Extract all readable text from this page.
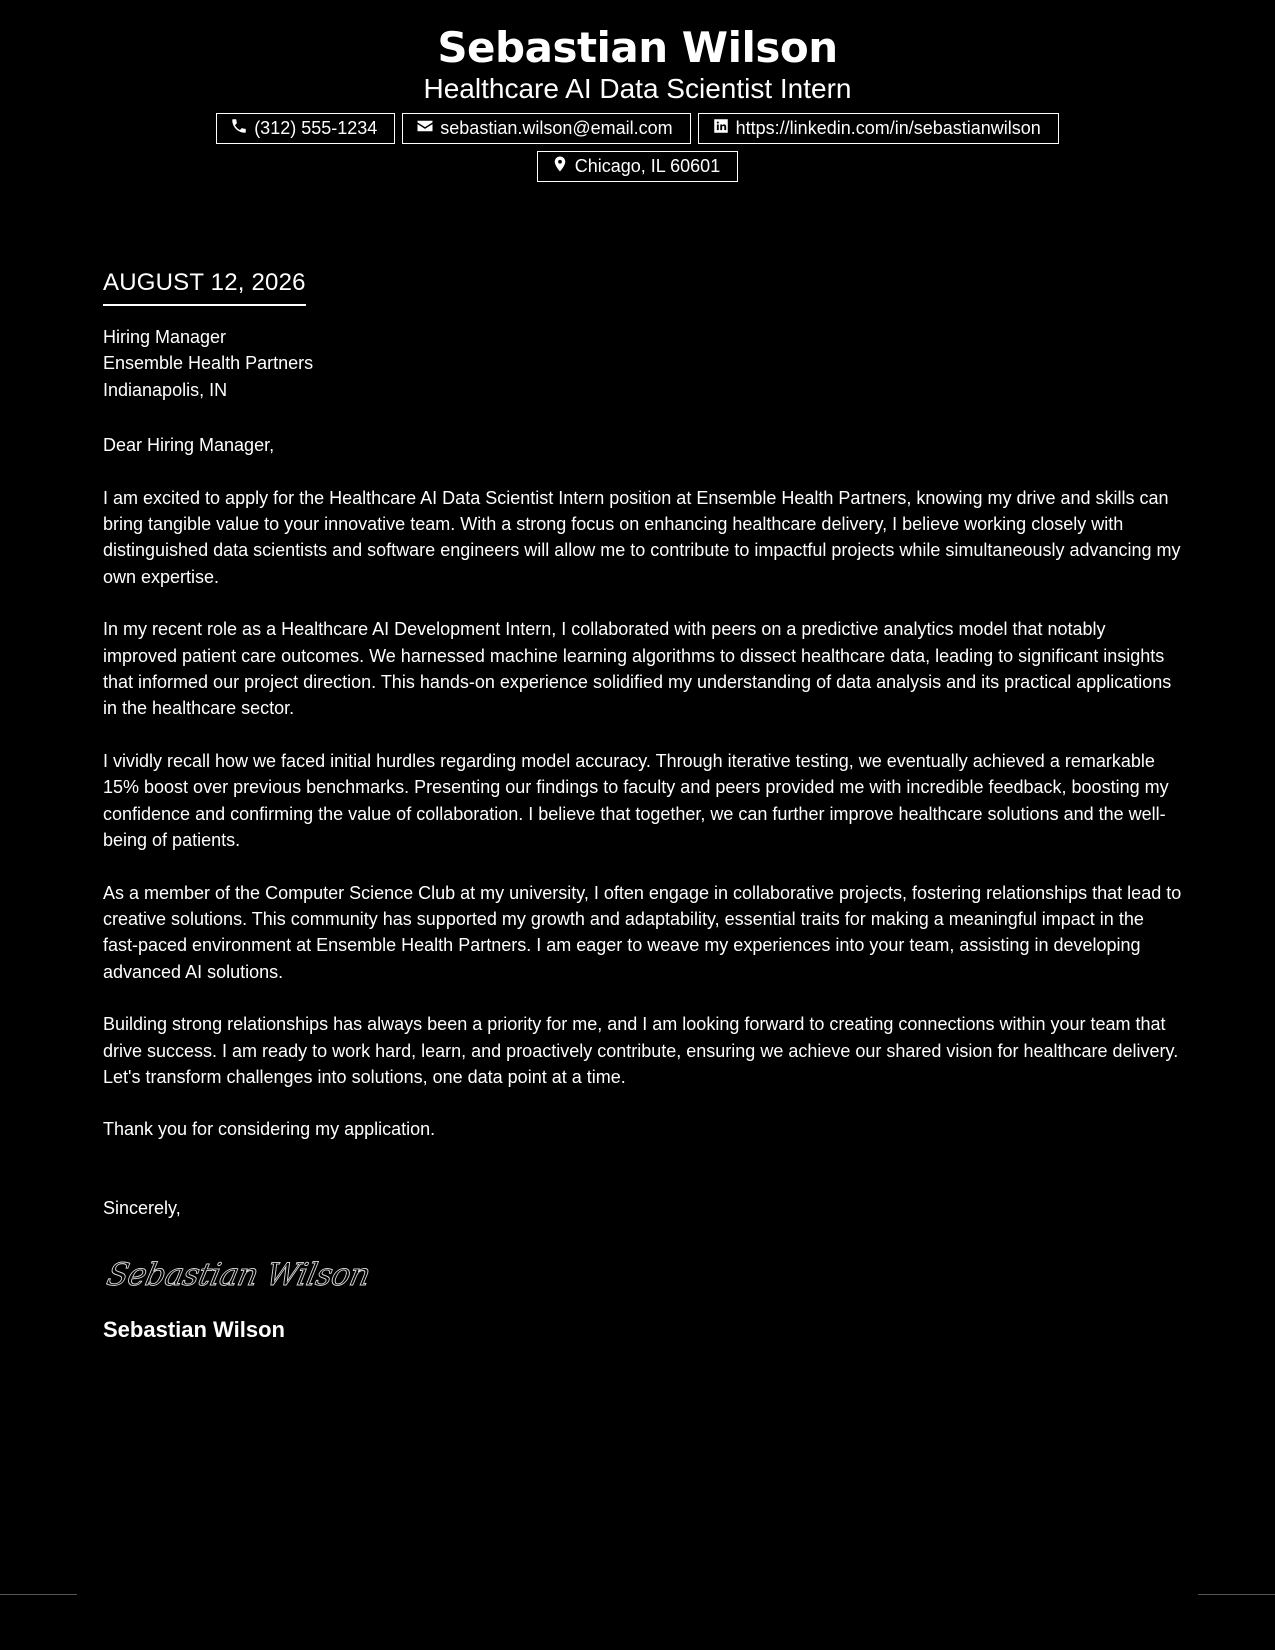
Sebastian Wilson
Healthcare AI Data Scientist Intern
(312) 555-1234	sebastian.wilson@email.com	https://linkedin.com/in/sebastianwilson
Chicago, IL 60601
AUGUST 12, 2026
Hiring Manager
Ensemble Health Partners
Indianapolis, IN
Dear Hiring Manager,

I am excited to apply for the Healthcare AI Data Scientist Intern position at Ensemble Health Partners, knowing my drive and skills can bring tangible value to your innovative team. With a strong focus on enhancing healthcare delivery, I believe working closely with distinguished data scientists and software engineers will allow me to contribute to impactful projects while simultaneously advancing my own expertise.

In my recent role as a Healthcare AI Development Intern, I collaborated with peers on a predictive analytics model that notably improved patient care outcomes. We harnessed machine learning algorithms to dissect healthcare data, leading to significant insights that informed our project direction. This hands-on experience solidified my understanding of data analysis and its practical applications in the healthcare sector.

I vividly recall how we faced initial hurdles regarding model accuracy. Through iterative testing, we eventually achieved a remarkable 15% boost over previous benchmarks. Presenting our findings to faculty and peers provided me with incredible feedback, boosting my confidence and confirming the value of collaboration. I believe that together, we can further improve healthcare solutions and the well-being of patients.

As a member of the Computer Science Club at my university, I often engage in collaborative projects, fostering relationships that lead to creative solutions. This community has supported my growth and adaptability, essential traits for making a meaningful impact in the fast-paced environment at Ensemble Health Partners. I am eager to weave my experiences into your team, assisting in developing advanced AI solutions.

Building strong relationships has always been a priority for me, and I am looking forward to creating connections within your team that drive success. I am ready to work hard, learn, and proactively contribute, ensuring we achieve our shared vision for healthcare delivery. Let's transform challenges into solutions, one data point at a time.

Thank you for considering my application.
Sincerely,
Sebastian Wilson
Sebastian Wilson
